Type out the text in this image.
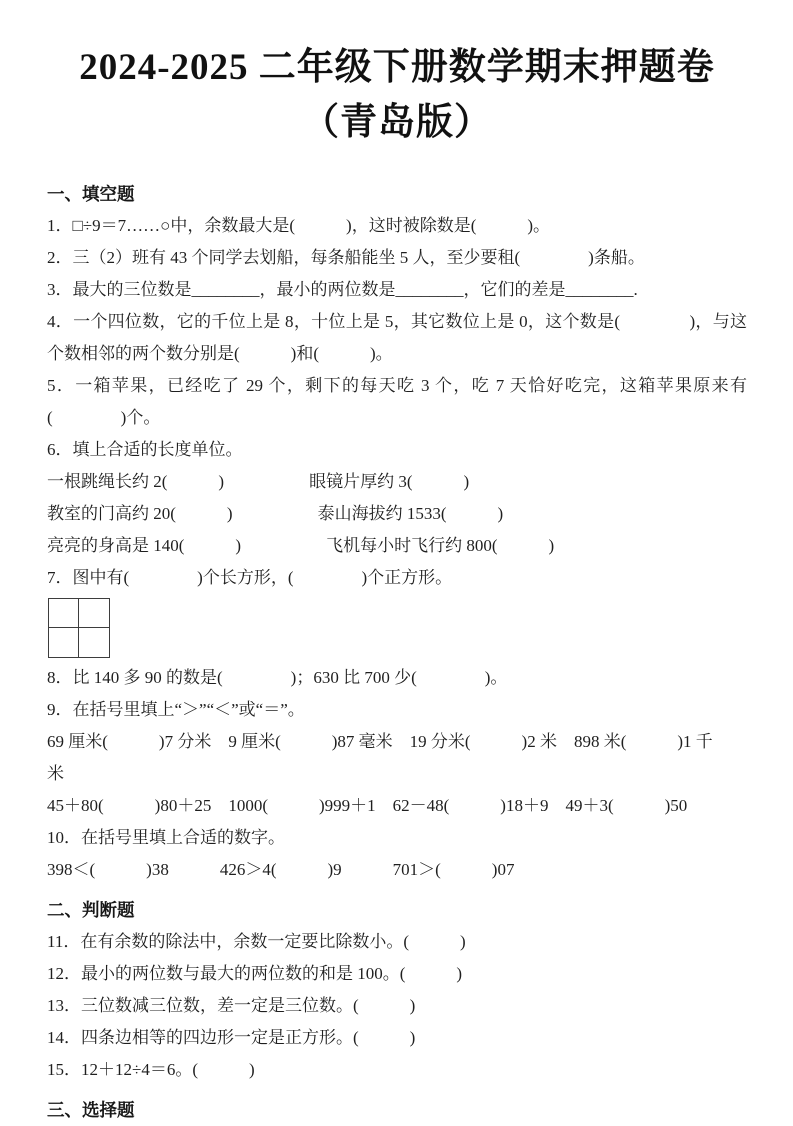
2024-2025 二年级下册数学期末押题卷
（青岛版）
一、填空题

1．□÷9＝7……○中，余数最大是(　　　)，这时被除数是(　　　)。

2．三（2）班有 43 个同学去划船，每条船能坐 5 人，至少要租(　　　　)条船。

3．最大的三位数是________，最小的两位数是________，它们的差是________.

4．一个四位数，它的千位上是 8，十位上是 5，其它数位上是 0，这个数是(　　　　)，与这个数相邻的两个数分别是(　　　)和(　　　)。

5．一箱苹果，已经吃了 29 个，剩下的每天吃 3 个，吃 7 天恰好吃完，这箱苹果原来有(　　　　)个。

6．填上合适的长度单位。

一根跳绳长约 2(　　　)　　　　　眼镜片厚约 3(　　　)

教室的门高约 20(　　　)　　　　　泰山海拔约 1533(　　　)

亮亮的身高是 140(　　　)　　　　　飞机每小时飞行约 800(　　　)

7．图中有(　　　　)个长方形，(　　　　)个正方形。

8．比 140 多 90 的数是(　　　　)；630 比 700 少(　　　　)。

9．在括号里填上“＞”“＜”或“＝”。

69 厘米(　　　)7 分米　9 厘米(　　　)87 毫米　19 分米(　　　)2 米　898 米(　　　)1 千

米

45＋80(　　　)80＋25　1000(　　　)999＋1　62－48(　　　)18＋9　49＋3(　　　)50

10．在括号里填上合适的数字。

398＜(　　　)38　　　426＞4(　　　)9　　　701＞(　　　)07

二、判断题

11．在有余数的除法中，余数一定要比除数小。(　　　)

12．最小的两位数与最大的两位数的和是 100。(　　　)

13．三位数减三位数，差一定是三位数。(　　　)

14．四条边相等的四边形一定是正方形。(　　　)

15．12＋12÷4＝6。(　　　)

三、选择题
